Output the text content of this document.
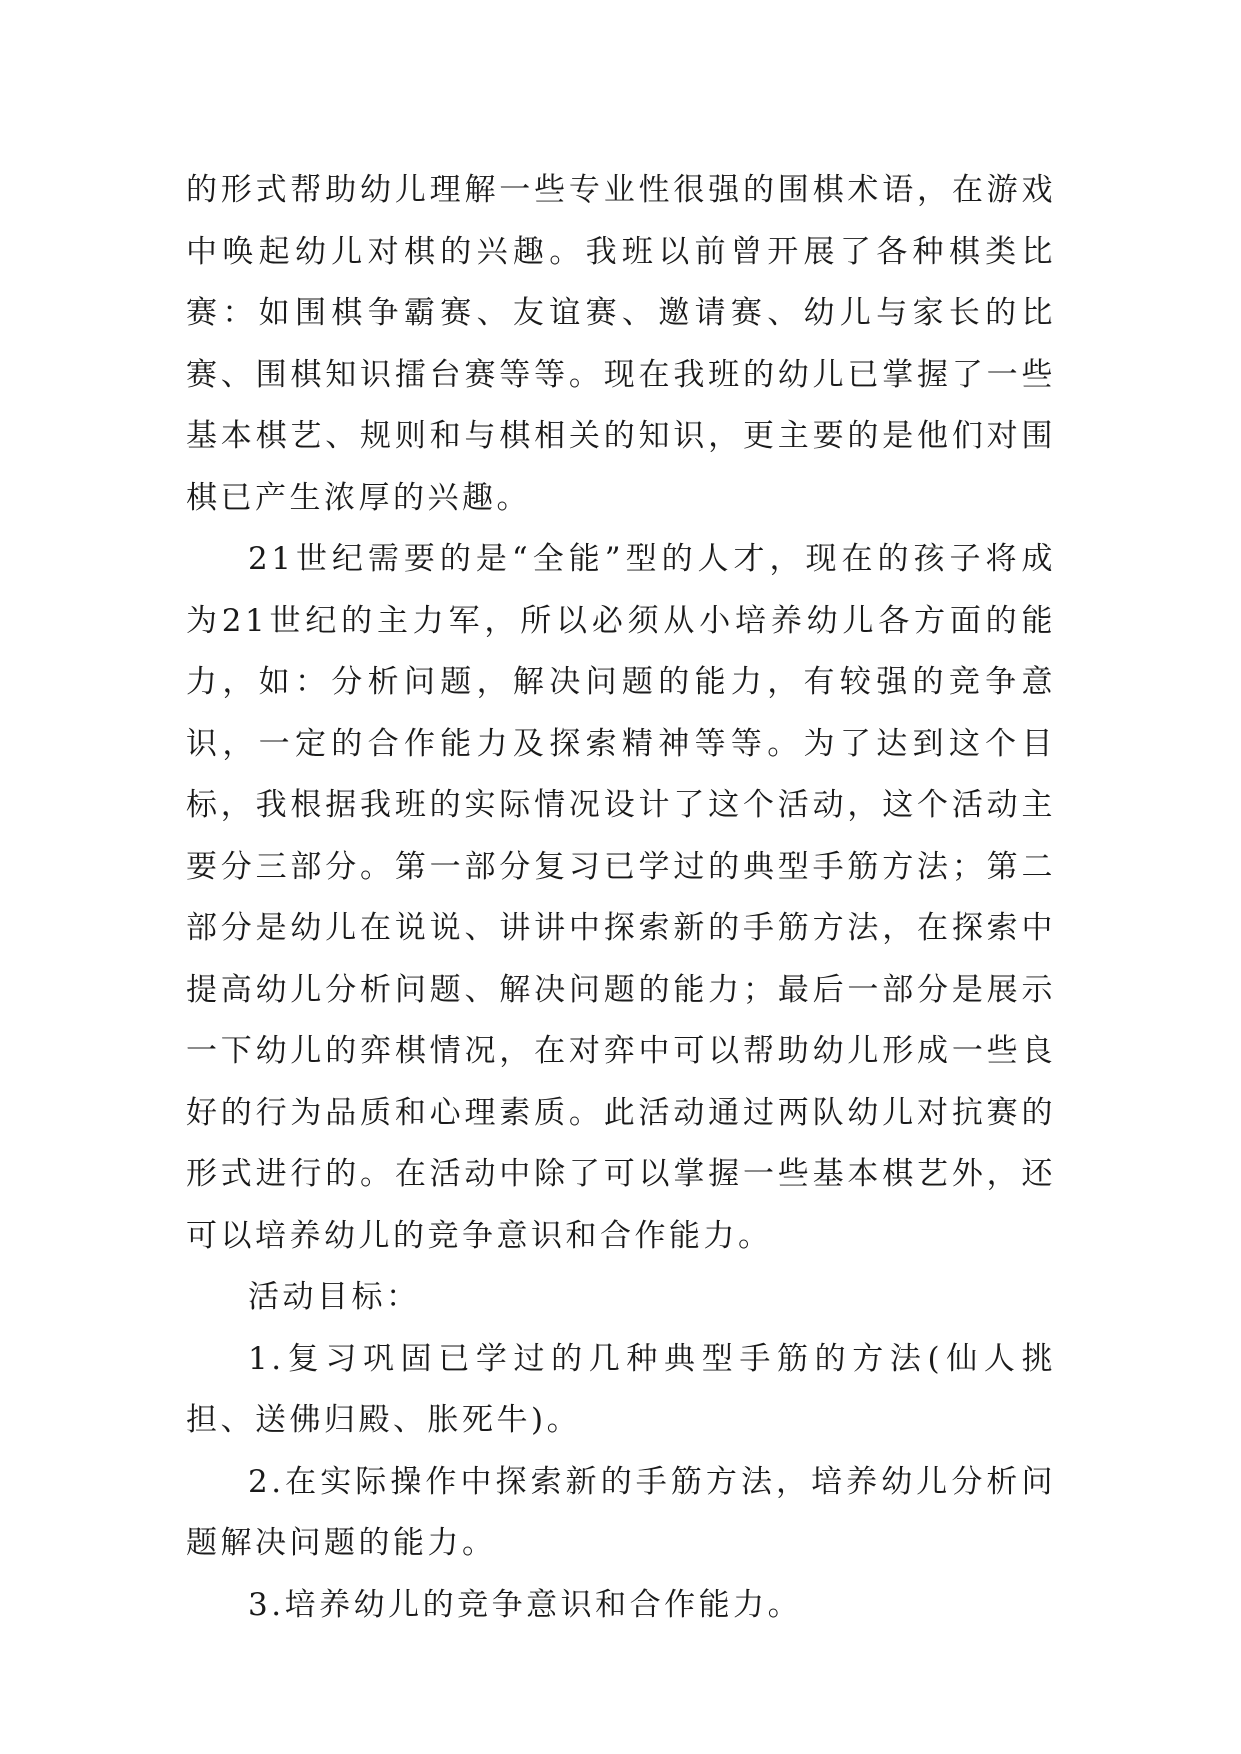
的形式帮助幼儿理解一些专业性很强的围棋术语，在游戏中唤起幼儿对棋的兴趣。我班以前曾开展了各种棋类比赛：如围棋争霸赛、友谊赛、邀请赛、幼儿与家长的比赛、围棋知识擂台赛等等。现在我班的幼儿已掌握了一些基本棋艺、规则和与棋相关的知识，更主要的是他们对围棋已产生浓厚的兴趣。

21世纪需要的是“全能”型的人才，现在的孩子将成为21世纪的主力军，所以必须从小培养幼儿各方面的能力，如：分析问题，解决问题的能力，有较强的竞争意识，一定的合作能力及探索精神等等。为了达到这个目标，我根据我班的实际情况设计了这个活动，这个活动主要分三部分。第一部分复习已学过的典型手筋方法；第二部分是幼儿在说说、讲讲中探索新的手筋方法，在探索中提高幼儿分析问题、解决问题的能力；最后一部分是展示一下幼儿的弈棋情况，在对弈中可以帮助幼儿形成一些良好的行为品质和心理素质。此活动通过两队幼儿对抗赛的形式进行的。在活动中除了可以掌握一些基本棋艺外，还可以培养幼儿的竞争意识和合作能力。

活动目标：

1.复习巩固已学过的几种典型手筋的方法(仙人挑担、送佛归殿、胀死牛)。

2.在实际操作中探索新的手筋方法，培养幼儿分析问题解决问题的能力。

3.培养幼儿的竞争意识和合作能力。
